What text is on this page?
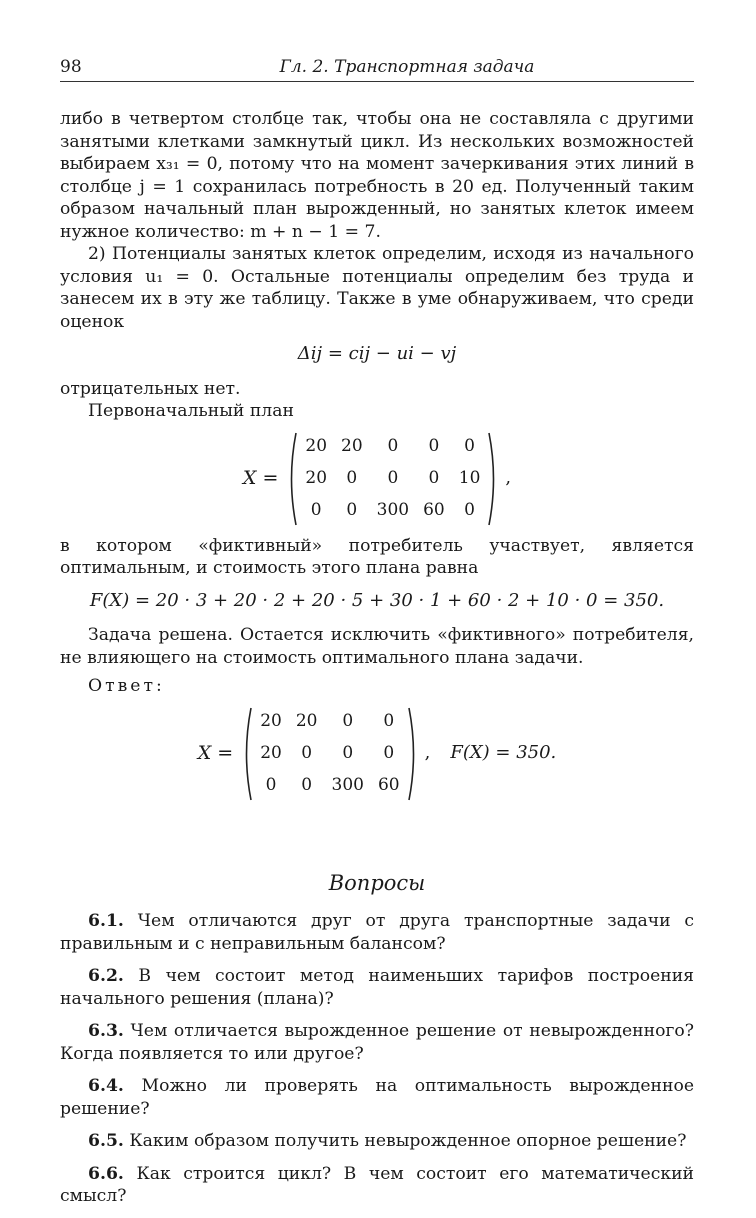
98	Гл. 2. Транспортная задача

либо в четвертом столбце так, чтобы она не составляла с другими занятыми клетками замкнутый цикл. Из нескольких возможностей выбираем x₃₁ = 0, потому что на момент зачеркивания этих линий в столбце j = 1 сохранилась потребность в 20 ед. Полученный таким образом начальный план вырожденный, но занятых клеток имеем нужное количество: m + n − 1 = 7.

2) Потенциалы занятых клеток определим, исходя из начального условия u₁ = 0. Остальные потенциалы определим без труда и занесем их в эту же таблицу. Также в уме обнаруживаем, что среди оценок

Δij = cij − ui − vj

отрицательных нет.

Первоначальный план

X =
20	20	0	0	0
20	0	0	0	10
0	0	300	60	0
,

в котором «фиктивный» потребитель участвует, является оптимальным, и стоимость этого плана равна

F(X) = 20 · 3 + 20 · 2 + 20 · 5 + 30 · 1 + 60 · 2 + 10 · 0 = 350.

Задача решена. Остается исключить «фиктивного» потребителя, не влияющего на стоимость оптимального плана задачи.

Ответ:

X =
20	20	0	0
20	0	0	0
0	0	300	60
, F(X) = 350.
Вопросы

6.1. Чем отличаются друг от друга транспортные задачи с правильным и с неправильным балансом?

6.2. В чем состоит метод наименьших тарифов построения начального решения (плана)?

6.3. Чем отличается вырожденное решение от невырожденного? Когда появляется то или другое?

6.4. Можно ли проверять на оптимальность вырожденное решение?

6.5. Каким образом получить невырожденное опорное решение?

6.6. Как строится цикл? В чем состоит его математический смысл?
